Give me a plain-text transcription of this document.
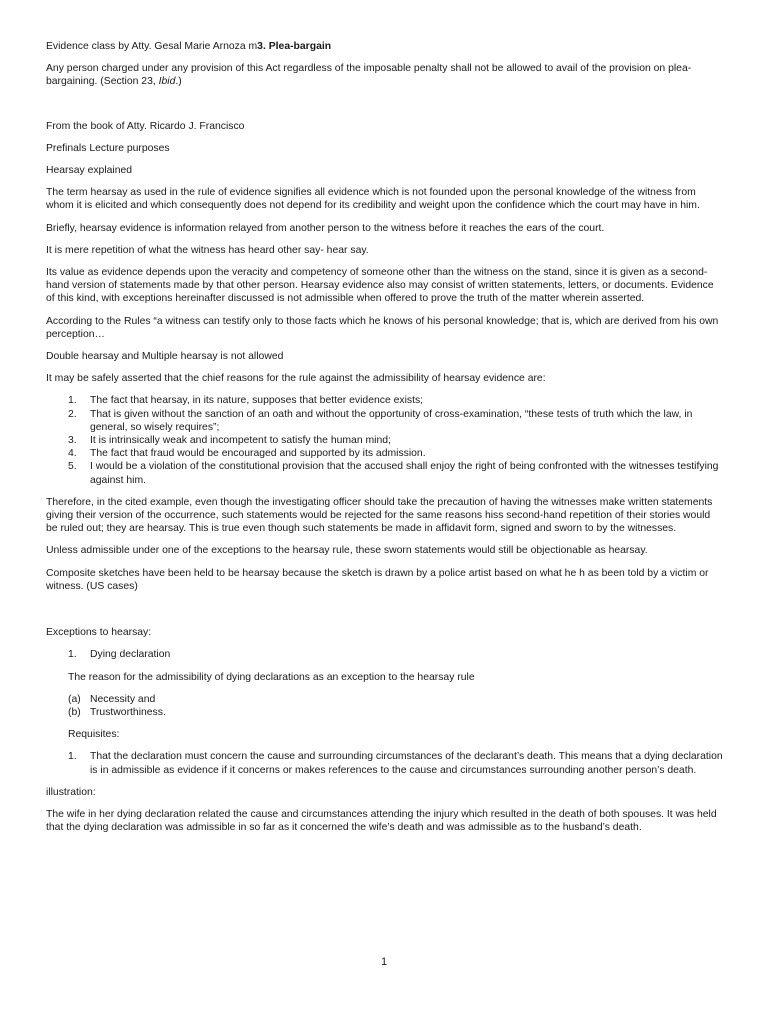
Evidence class by Atty. Gesal Marie Arnoza m3. Plea-bargain

Any person charged under any provision of this Act regardless of the imposable penalty shall not be allowed to avail of the provision on plea-bargaining. (Section 23, Ibid.)

From the book of Atty. Ricardo J. Francisco

Prefinals Lecture purposes

Hearsay explained

The term hearsay as used in the rule of evidence signifies all evidence which is not founded upon the personal knowledge of the witness from whom it is elicited and which consequently does not depend for its credibility and weight upon the confidence which the court may have in him.

Briefly, hearsay evidence is information relayed from another person to the witness before it reaches the ears of the court.

It is mere repetition of what the witness has heard other say- hear say.

Its value as evidence depends upon the veracity and competency of someone other than the witness on the stand, since it is given as a second-hand version of statements made by that other person. Hearsay evidence also may consist of written statements, letters, or documents. Evidence of this kind, with exceptions hereinafter discussed is not admissible when offered to prove the truth of the matter wherein asserted.

According to the Rules “a witness can testify only to those facts which he knows of his personal knowledge; that is, which are derived from his own perception…

Double hearsay and Multiple hearsay is not allowed

It may be safely asserted that the chief reasons for the rule against the admissibility of hearsay evidence are:

1. The fact that hearsay, in its nature, supposes that better evidence exists;
2. That is given without the sanction of an oath and without the opportunity of cross-examination, “these tests of truth which the law, in general, so wisely requires”;
3. It is intrinsically weak and incompetent to satisfy the human mind;
4. The fact that fraud would be encouraged and supported by its admission.
5. I would be a violation of the constitutional provision that the accused shall enjoy the right of being confronted with the witnesses testifying against him.

Therefore, in the cited example, even though the investigating officer should take the precaution of having the witnesses make written statements giving their version of the occurrence, such statements would be rejected for the same reasons hiss second-hand repetition of their stories would be ruled out; they are hearsay. This is true even though such statements be made in affidavit form, signed and sworn to by the witnesses.

Unless admissible under one of the exceptions to the hearsay rule, these sworn statements would still be objectionable as hearsay.

Composite sketches have been held to be hearsay because the sketch is drawn by a police artist based on what he h as been told by a victim or witness. (US cases)

Exceptions to hearsay:

1. Dying declaration

The reason for the admissibility of dying declarations as an exception to the hearsay rule

(a) Necessity and
(b) Trustworthiness.

Requisites:

1. That the declaration must concern the cause and surrounding circumstances of the declarant’s death. This means that a dying declaration is in admissible as evidence if it concerns or makes references to the cause and circumstances surrounding another person’s death.

illustration:

The wife in her dying declaration related the cause and circumstances attending the injury which resulted in the death of both spouses. It was held that the dying declaration was admissible in so far as it concerned the wife’s death and was admissible as to the husband’s death.

1
